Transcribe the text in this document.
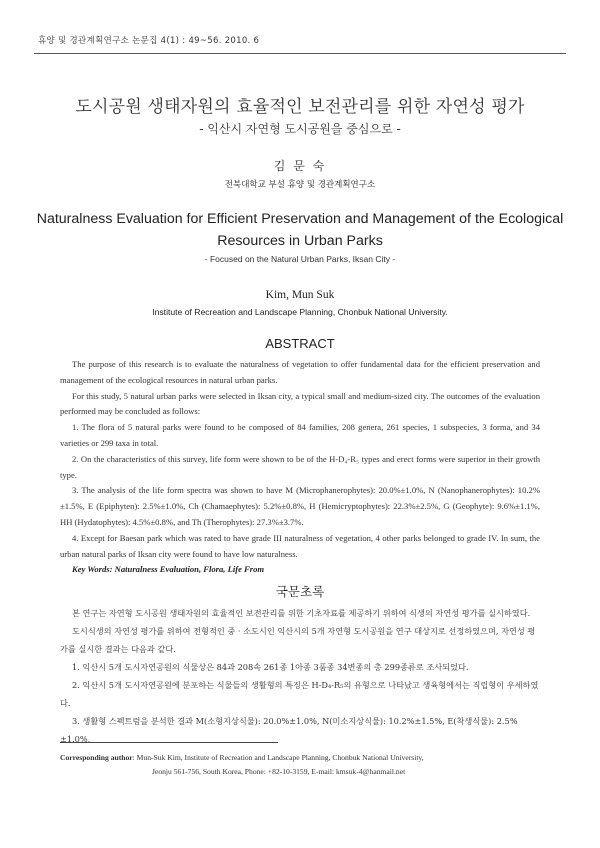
휴양 및 경관계획연구소 논문집 4(1) : 49~56. 2010. 6
도시공원 생태자원의 효율적인 보전관리를 위한 자연성 평가
- 익산시 자연형 도시공원을 중심으로 -
김 문 숙
전북대학교 부설 휴양 및 경관계획연구소
Naturalness Evaluation for Efficient Preservation and Management of the Ecological
Resources in Urban Parks
- Focused on the Natural Urban Parks, Iksan City -
Kim, Mun Suk
Institute of Recreation and Landscape Planning, Chonbuk National University.
ABSTRACT

The purpose of this research is to evaluate the naturalness of vegetation to offer fundamental data for the efficient preservation and management of the ecological resources in natural urban parks.

For this study, 5 natural urban parks were selected in Iksan city, a typical small and medium-sized city. The outcomes of the evaluation performed may be concluded as follows:

1. The flora of 5 natural parks were found to be composed of 84 families, 208 genera, 261 species, 1 subspecies, 3 forma, and 34 varieties or 299 taxa in total.

2. On the characteristics of this survey, life form were shown to be of the H-D₄-R₅ types and erect forms were superior in their growth type.

3. The analysis of the life form spectra was shown to have M (Microphanerophytes): 20.0%±1.0%, N (Nanophanerophytes): 10.2%±1.5%, E (Epiphyten): 2.5%±1.0%, Ch (Chamaephytes): 5.2%±0.8%, H (Hemicryptophytes): 22.3%±2.5%, G (Geophyte): 9.6%±1.1%, HH (Hydatophytes): 4.5%±0.8%, and Th (Therophytes): 27.3%±3.7%.

4. Except for Baesan park which was rated to have grade III naturalness of vegetation, 4 other parks belonged to grade IV. In sum, the urban natural parks of Iksan city were found to have low naturalness.

Key Words: Naturalness Evaluation, Flora, Life From

국문초록

본 연구는 자연형 도시공원 생태자원의 효율적인 보전관리를 위한 기초자료를 제공하기 위하여 식생의 자연성 평가를 실시하였다.

도시식생의 자연성 평가를 위하여 전형적인 중 · 소도시인 익산시의 5개 자연형 도시공원을 연구 대상지로 선정하였으며, 자연성 평가를 실시한 결과는 다음과 같다.

1. 익산시 5개 도시자연공원의 식물상은 84과 208속 261종 1아종 3품종 34변종의 총 299종류로 조사되었다.

2. 익산시 5개 도시자연공원에 분포하는 식물들의 생활형의 특징은 H-D₄-R₅의 유형으로 나타났고 생육형에서는 직립형이 우세하였다.

3. 생활형 스펙트럼을 분석한 결과 M(소형지상식물): 20.0%±1.0%, N(미소지상식물): 10.2%±1.5%, E(착생식물): 2.5%±1.0%,

Corresponding author: Mun-Suk Kim, Institute of Recreation and Landscape Planning, Chonbuk National University,
Jeonju 561-756, South Korea, Phone: +82-10-3159, E-mail: kmsuk-4@hanmail.net
